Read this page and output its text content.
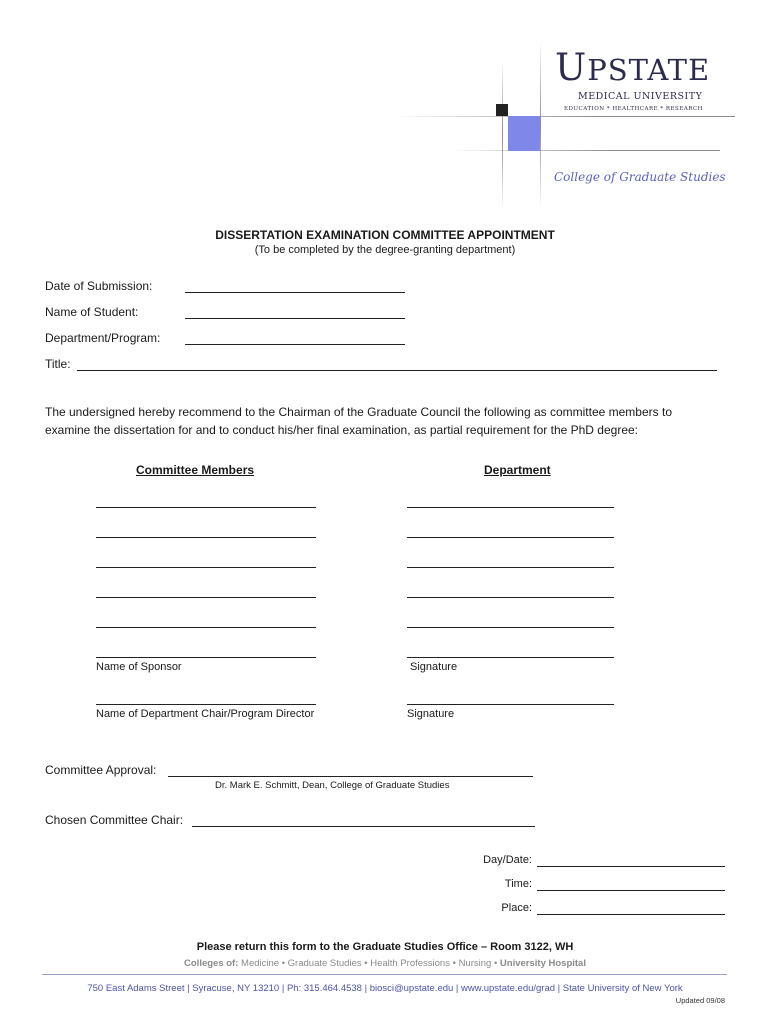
UPSTATE
MEDICAL UNIVERSITY
EDUCATION * HEALTHCARE * RESEARCH
College of Graduate Studies
DISSERTATION EXAMINATION COMMITTEE APPOINTMENT
(To be completed by the degree-granting department)
Date of Submission:
Name of Student:
Department/Program:
Title:
The undersigned hereby recommend to the Chairman of the Graduate Council the following as committee members to
examine the dissertation for and to conduct his/her final examination, as partial requirement for the PhD degree:
Committee Members	Department
Name of Sponsor	Signature
Name of Department Chair/Program Director	Signature
Committee Approval:
Dr. Mark E. Schmitt, Dean, College of Graduate Studies
Chosen Committee Chair:
Day/Date:
Time:
Place:
Please return this form to the Graduate Studies Office – Room 3122, WH
Colleges of: Medicine • Graduate Studies • Health Professions • Nursing • University Hospital
750 East Adams Street | Syracuse, NY 13210 | Ph: 315.464.4538 | biosci@upstate.edu | www.upstate.edu/grad | State University of New York
Updated 09/08
